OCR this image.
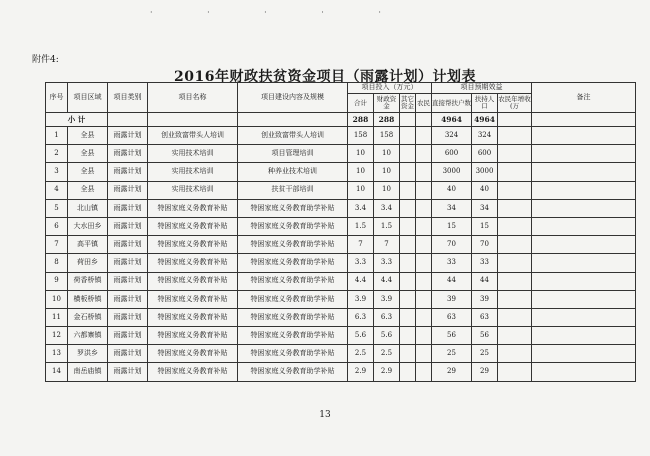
· · · · ·
附件4:
2016年财政扶贫资金项目（雨露计划）计划表
序号	项目区域	项目类别	项目名称	项目建设内容及规模	项目投入（万元）				项目预期效益			备注
					合计	财政资金	其它资金	农民	直接帮扶户数	扶持人口	农民年增收(万	
小 计					288	288			4964	4964		
1	全县	雨露计划	创业致富带头人培训	创业致富带头人培训	158	158			324	324		
2	全县	雨露计划	实用技术培训	项目管理培训	10	10			600	600		
3	全县	雨露计划	实用技术培训	种养业技术培训	10	10			3000	3000		
4	全县	雨露计划	实用技术培训	扶贫干部培训	10	10			40	40		
5	北山镇	雨露计划	特困家庭义务教育补贴	特困家庭义务教育助学补贴	3.4	3.4			34	34		
6	大水田乡	雨露计划	特困家庭义务教育补贴	特困家庭义务教育助学补贴	1.5	1.5			15	15		
7	高平镇	雨露计划	特困家庭义务教育补贴	特困家庭义务教育助学补贴	7	7			70	70		
8	荷田乡	雨露计划	特困家庭义务教育补贴	特困家庭义务教育助学补贴	3.3	3.3			33	33		
9	荷香桥镇	雨露计划	特困家庭义务教育补贴	特困家庭义务教育助学补贴	4.4	4.4			44	44		
10	横板桥镇	雨露计划	特困家庭义务教育补贴	特困家庭义务教育助学补贴	3.9	3.9			39	39		
11	金石桥镇	雨露计划	特困家庭义务教育补贴	特困家庭义务教育助学补贴	6.3	6.3			63	63		
12	六都寨镇	雨露计划	特困家庭义务教育补贴	特困家庭义务教育助学补贴	5.6	5.6			56	56		
13	罗洪乡	雨露计划	特困家庭义务教育补贴	特困家庭义务教育助学补贴	2.5	2.5			25	25		
14	南岳庙镇	雨露计划	特困家庭义务教育补贴	特困家庭义务教育助学补贴	2.9	2.9			29	29		
13
